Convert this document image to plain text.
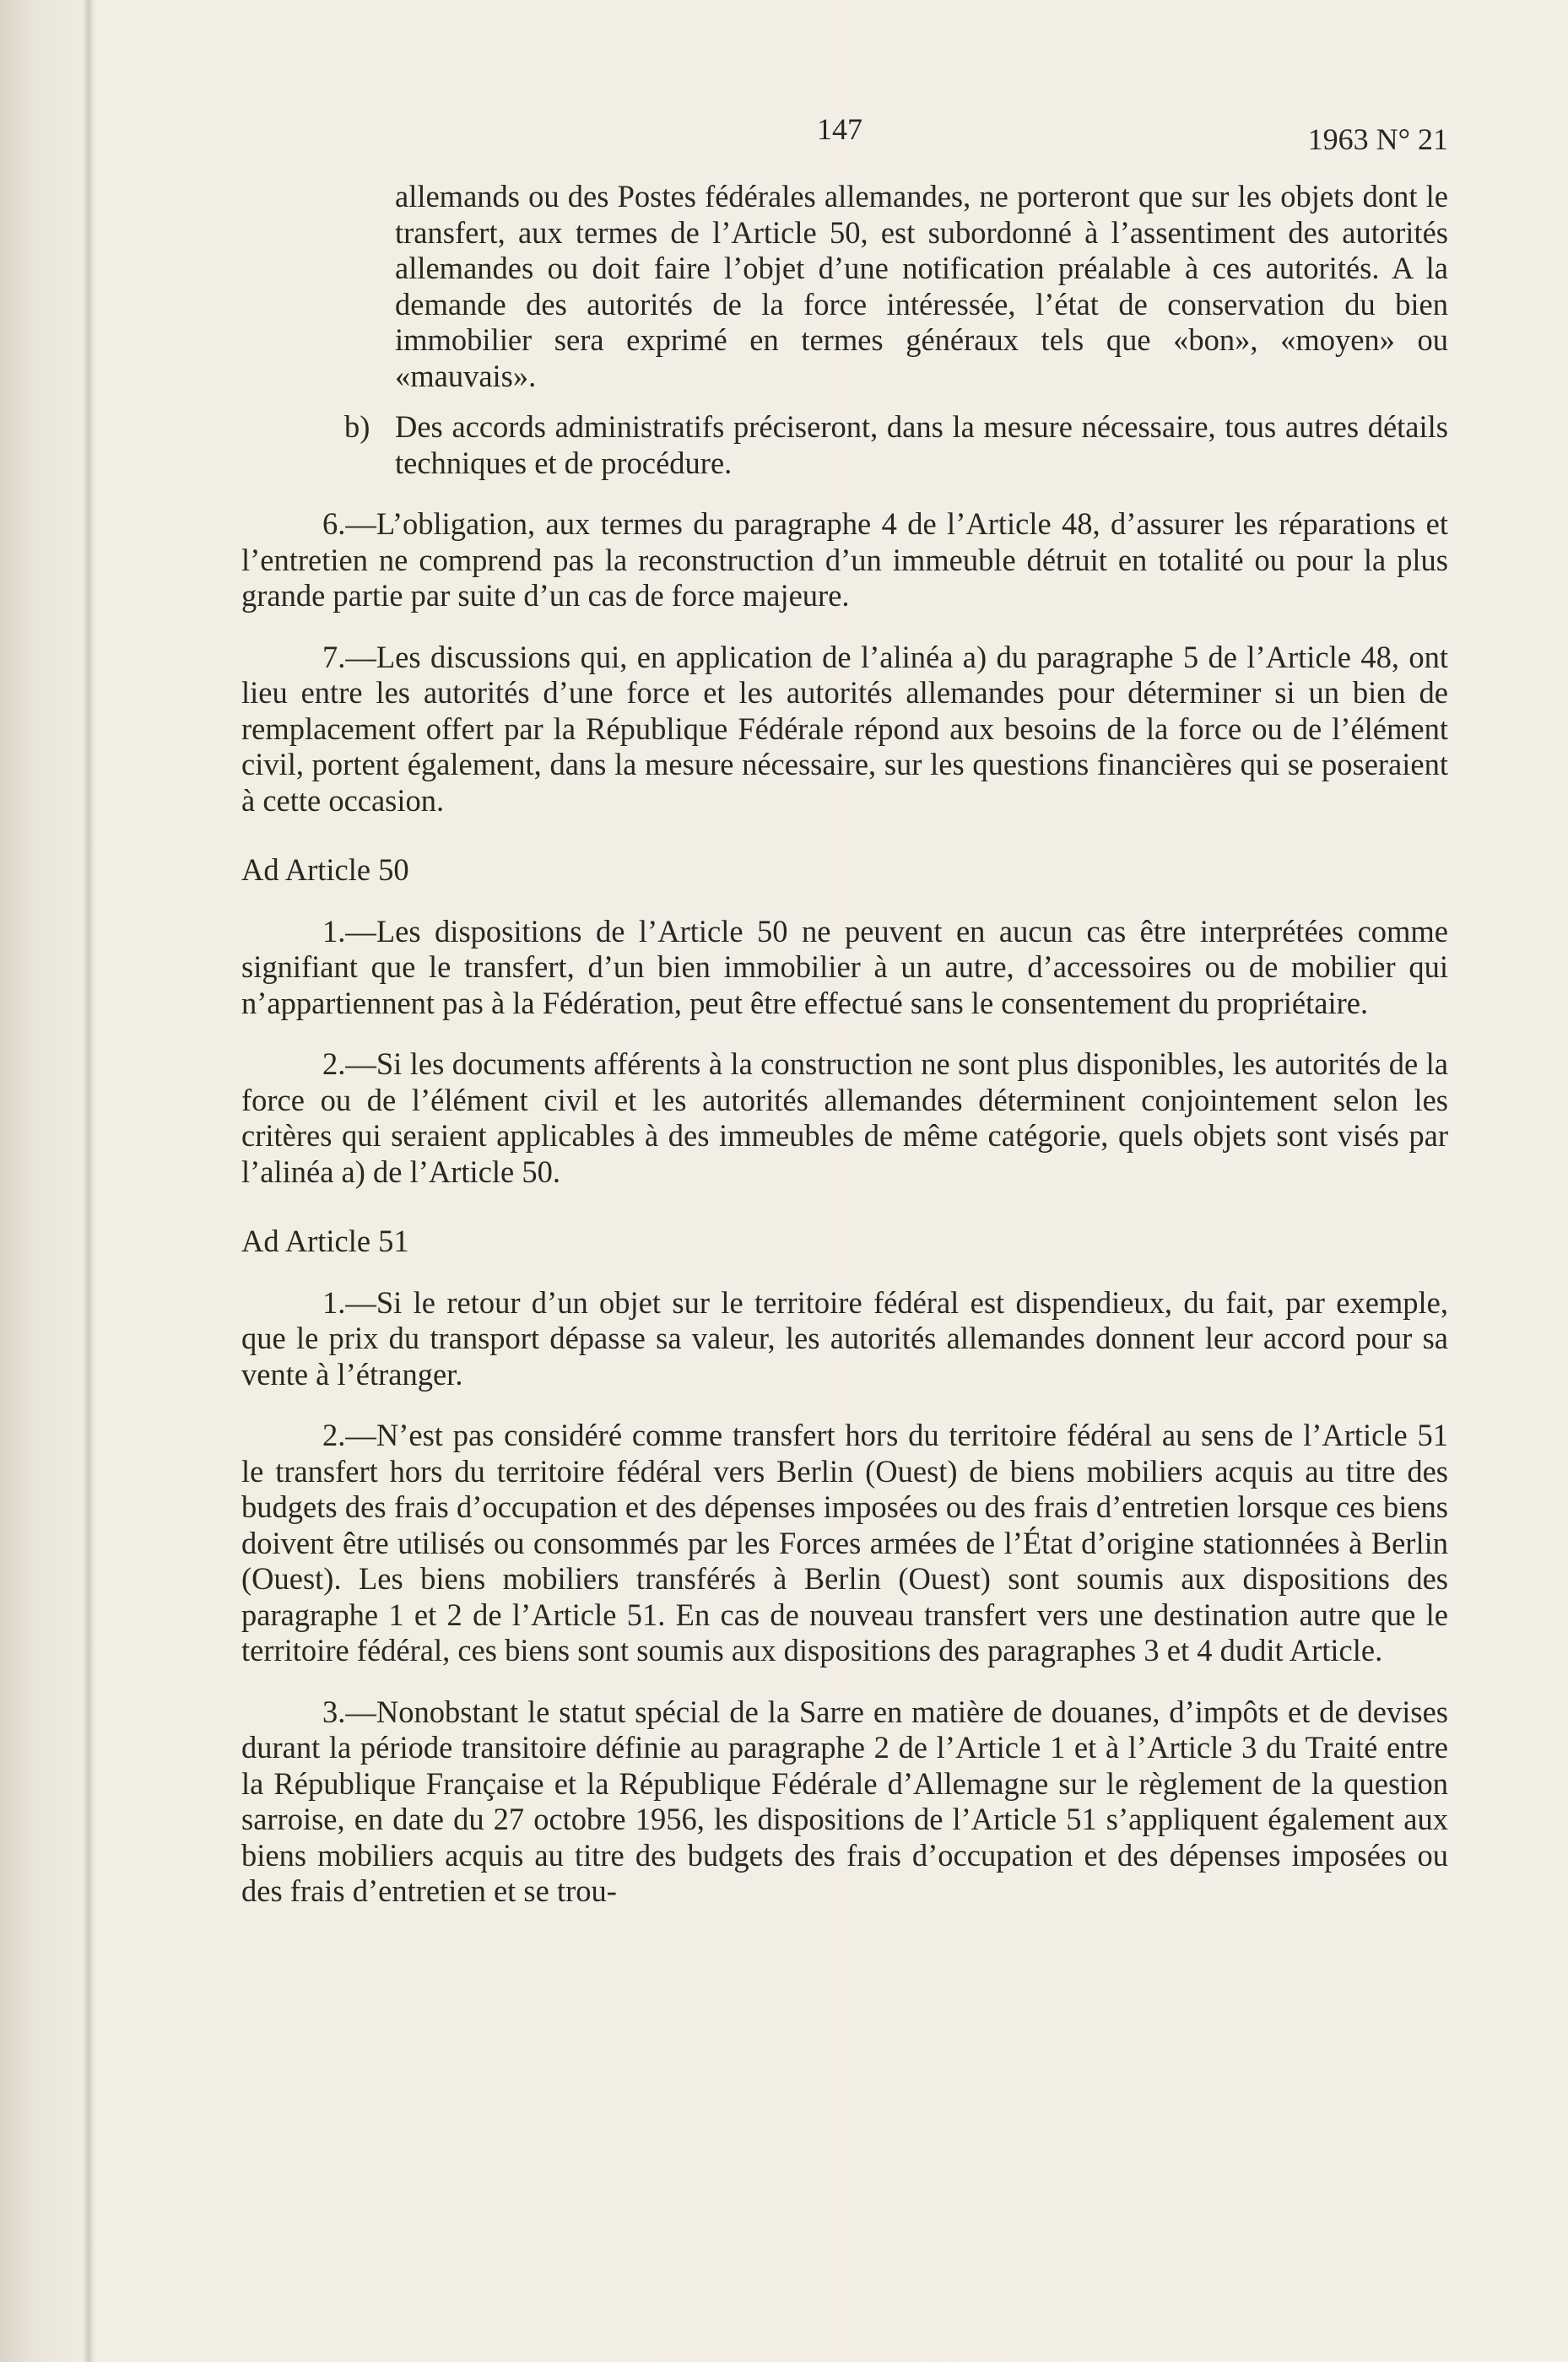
147	1963 N° 21

allemands ou des Postes fédérales allemandes, ne porteront que sur les objets dont le transfert, aux termes de l’Article 50, est subordonné à l’assentiment des autorités allemandes ou doit faire l’objet d’une notification préalable à ces autorités. A la demande des autorités de la force intéressée, l’état de conservation du bien immobilier sera exprimé en termes généraux tels que «bon», «moyen» ou «mauvais».

b) Des accords administratifs préciseront, dans la mesure nécessaire, tous autres détails techniques et de procédure.

6.—L’obligation, aux termes du paragraphe 4 de l’Article 48, d’assurer les réparations et l’entretien ne comprend pas la reconstruction d’un immeuble détruit en totalité ou pour la plus grande partie par suite d’un cas de force majeure.

7.—Les discussions qui, en application de l’alinéa a) du paragraphe 5 de l’Article 48, ont lieu entre les autorités d’une force et les autorités allemandes pour déterminer si un bien de remplacement offert par la République Fédérale répond aux besoins de la force ou de l’élément civil, portent également, dans la mesure nécessaire, sur les questions financières qui se poseraient à cette occasion.

Ad Article 50

1.—Les dispositions de l’Article 50 ne peuvent en aucun cas être interprétées comme signifiant que le transfert, d’un bien immobilier à un autre, d’accessoires ou de mobilier qui n’appartiennent pas à la Fédération, peut être effectué sans le consentement du propriétaire.

2.—Si les documents afférents à la construction ne sont plus disponibles, les autorités de la force ou de l’élément civil et les autorités allemandes déterminent conjointement selon les critères qui seraient applicables à des immeubles de même catégorie, quels objets sont visés par l’alinéa a) de l’Article 50.

Ad Article 51

1.—Si le retour d’un objet sur le territoire fédéral est dispendieux, du fait, par exemple, que le prix du transport dépasse sa valeur, les autorités allemandes donnent leur accord pour sa vente à l’étranger.

2.—N’est pas considéré comme transfert hors du territoire fédéral au sens de l’Article 51 le transfert hors du territoire fédéral vers Berlin (Ouest) de biens mobiliers acquis au titre des budgets des frais d’occupation et des dépenses imposées ou des frais d’entretien lorsque ces biens doivent être utilisés ou consommés par les Forces armées de l’État d’origine stationnées à Berlin (Ouest). Les biens mobiliers transférés à Berlin (Ouest) sont soumis aux dispositions des paragraphe 1 et 2 de l’Article 51. En cas de nouveau transfert vers une destination autre que le territoire fédéral, ces biens sont soumis aux dispositions des paragraphes 3 et 4 dudit Article.

3.—Nonobstant le statut spécial de la Sarre en matière de douanes, d’impôts et de devises durant la période transitoire définie au paragraphe 2 de l’Article 1 et à l’Article 3 du Traité entre la République Française et la République Fédérale d’Allemagne sur le règlement de la question sarroise, en date du 27 octobre 1956, les dispositions de l’Article 51 s’appliquent également aux biens mobiliers acquis au titre des budgets des frais d’occupation et des dépenses imposées ou des frais d’entretien et se trou-
